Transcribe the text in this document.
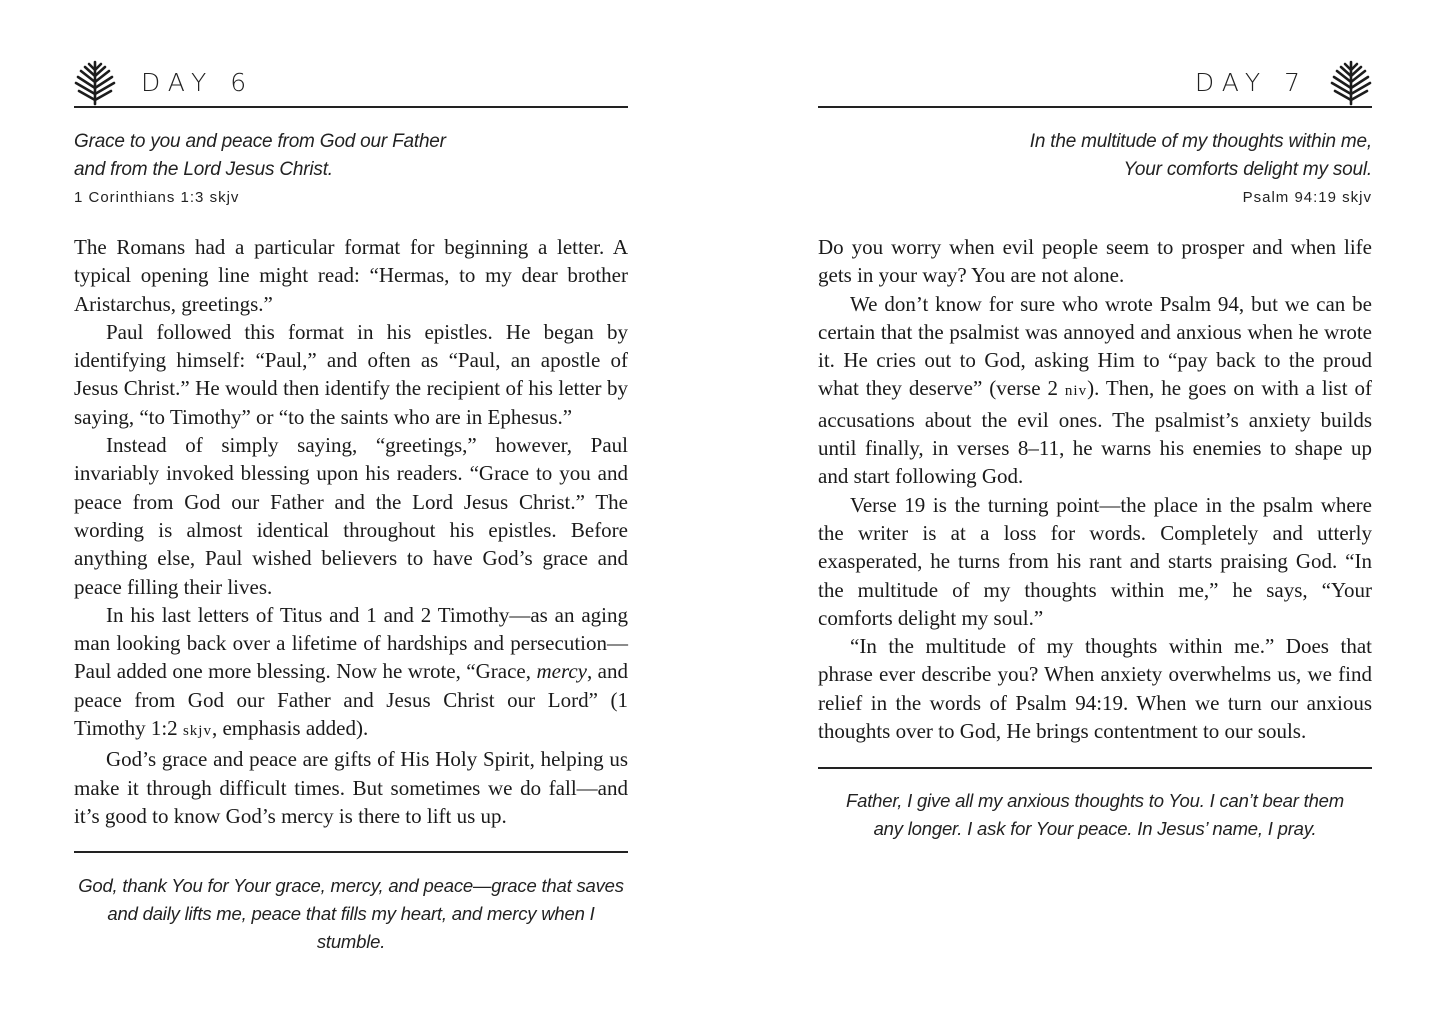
DAY 6
Grace to you and peace from God our Father
and from the Lord Jesus Christ.
1 Corinthians 1:3 skjv

The Romans had a particular format for beginning a letter. A typical opening line might read: “Hermas, to my dear brother Aristarchus, greetings.”

Paul followed this format in his epistles. He began by identifying himself: “Paul,” and often as “Paul, an apostle of Jesus Christ.” He would then identify the recipient of his letter by saying, “to Timothy” or “to the saints who are in Ephesus.”

Instead of simply saying, “greetings,” however, Paul invariably invoked blessing upon his readers. “Grace to you and peace from God our Father and the Lord Jesus Christ.” The wording is almost identical throughout his epistles. Before anything else, Paul wished believers to have God’s grace and peace filling their lives.

In his last letters of Titus and 1 and 2 Timothy—as an aging man looking back over a lifetime of hardships and persecution—Paul added one more blessing. Now he wrote, “Grace, mercy, and peace from God our Father and Jesus Christ our Lord” (1 Timothy 1:2 skjv, emphasis added).

God’s grace and peace are gifts of His Holy Spirit, helping us make it through difficult times. But sometimes we do fall—and it’s good to know God’s mercy is there to lift us up.

God, thank You for Your grace, mercy, and peace—grace that saves
and daily lifts me, peace that fills my heart, and mercy when I stumble.
DAY 7
In the multitude of my thoughts within me,
Your comforts delight my soul.
Psalm 94:19 skjv

Do you worry when evil people seem to prosper and when life gets in your way? You are not alone.

We don’t know for sure who wrote Psalm 94, but we can be certain that the psalmist was annoyed and anxious when he wrote it. He cries out to God, asking Him to “pay back to the proud what they deserve” (verse 2 niv). Then, he goes on with a list of accusations about the evil ones. The psalmist’s anxiety builds until finally, in verses 8–11, he warns his enemies to shape up and start following God.

Verse 19 is the turning point—the place in the psalm where the writer is at a loss for words. Completely and utterly exasperated, he turns from his rant and starts praising God. “In the multitude of my thoughts within me,” he says, “Your comforts delight my soul.”

“In the multitude of my thoughts within me.” Does that phrase ever describe you? When anxiety overwhelms us, we find relief in the words of Psalm 94:19. When we turn our anxious thoughts over to God, He brings contentment to our souls.

Father, I give all my anxious thoughts to You. I can’t bear them
any longer. I ask for Your peace. In Jesus’ name, I pray.
